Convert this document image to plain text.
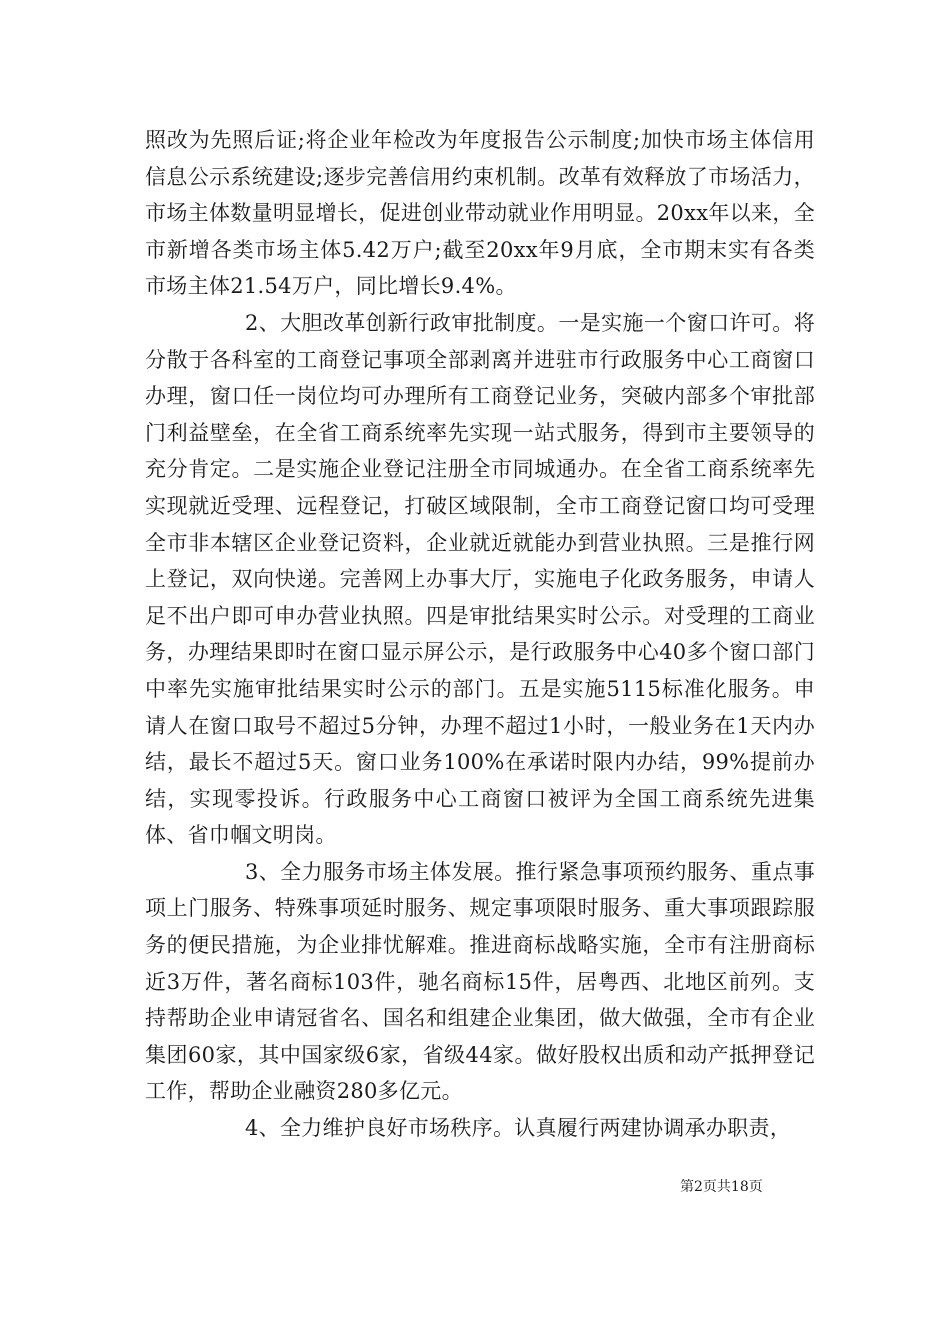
照改为先照后证;将企业年检改为年度报告公示制度;加快市场主体信用信息公示系统建设;逐步完善信用约束机制。改革有效释放了市场活力，市场主体数量明显增长，促进创业带动就业作用明显。20xx年以来，全市新增各类市场主体5.42万户;截至20xx年9月底，全市期末实有各类市场主体21.54万户，同比增长9.4%。

2、大胆改革创新行政审批制度。一是实施一个窗口许可。将分散于各科室的工商登记事项全部剥离并进驻市行政服务中心工商窗口办理，窗口任一岗位均可办理所有工商登记业务，突破内部多个审批部门利益壁垒，在全省工商系统率先实现一站式服务，得到市主要领导的充分肯定。二是实施企业登记注册全市同城通办。在全省工商系统率先实现就近受理、远程登记，打破区域限制，全市工商登记窗口均可受理全市非本辖区企业登记资料，企业就近就能办到营业执照。三是推行网上登记，双向快递。完善网上办事大厅，实施电子化政务服务，申请人足不出户即可申办营业执照。四是审批结果实时公示。对受理的工商业务，办理结果即时在窗口显示屏公示，是行政服务中心40多个窗口部门中率先实施审批结果实时公示的部门。五是实施5115标准化服务。申请人在窗口取号不超过5分钟，办理不超过1小时，一般业务在1天内办结，最长不超过5天。窗口业务100%在承诺时限内办结，99%提前办结，实现零投诉。行政服务中心工商窗口被评为全国工商系统先进集体、省巾帼文明岗。

3、全力服务市场主体发展。推行紧急事项预约服务、重点事项上门服务、特殊事项延时服务、规定事项限时服务、重大事项跟踪服务的便民措施，为企业排忧解难。推进商标战略实施，全市有注册商标近3万件，著名商标103件，驰名商标15件，居粤西、北地区前列。支持帮助企业申请冠省名、国名和组建企业集团，做大做强，全市有企业集团60家，其中国家级6家，省级44家。做好股权出质和动产抵押登记工作，帮助企业融资280多亿元。

4、全力维护良好市场秩序。认真履行两建协调承办职责，

第2页共18页
